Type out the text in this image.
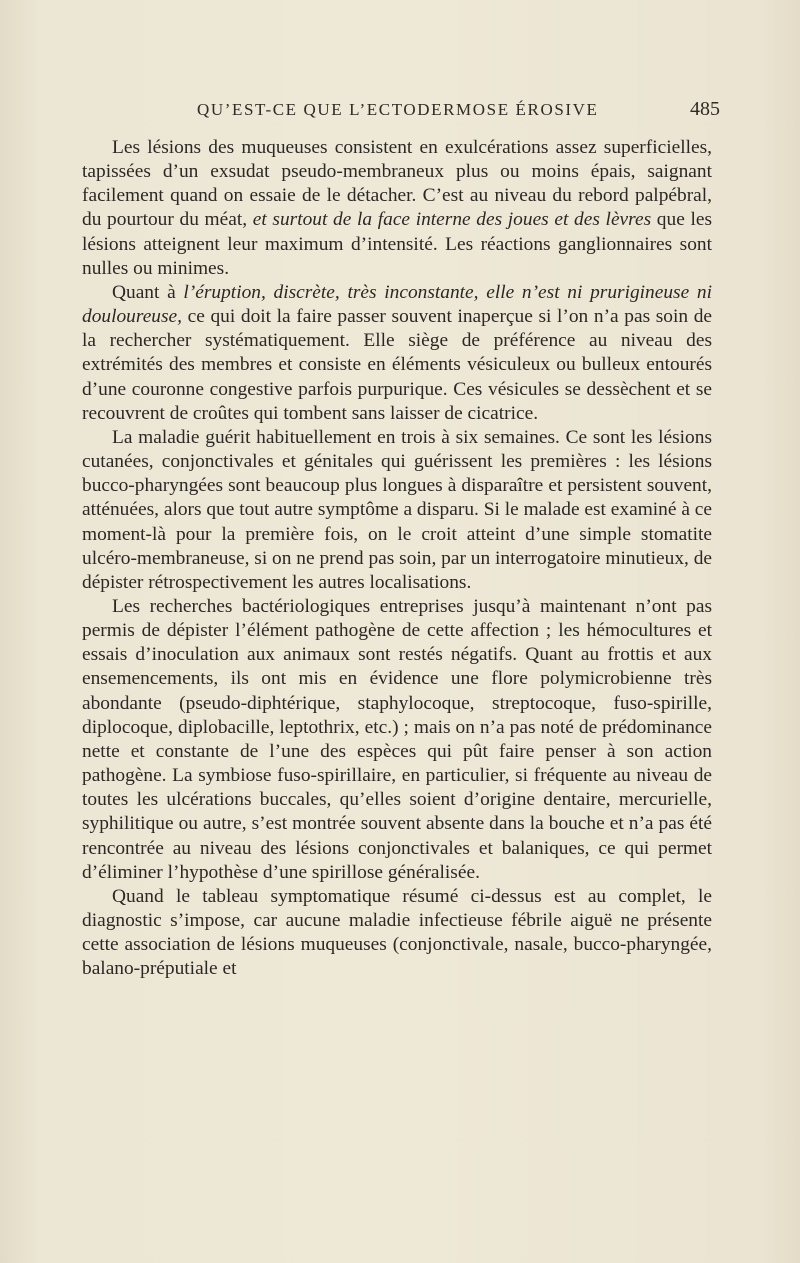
QU’EST-CE QUE L’ECTODERMOSE ÉROSIVE	485

Les lésions des muqueuses consistent en exulcérations assez superficielles, tapissées d’un exsudat pseudo-membraneux plus ou moins épais, saignant facilement quand on essaie de le détacher. C’est au niveau du rebord palpébral, du pourtour du méat, et surtout de la face interne des joues et des lèvres que les lésions atteignent leur maximum d’intensité. Les réactions ganglionnaires sont nulles ou minimes.

Quant à l’éruption, discrète, très inconstante, elle n’est ni prurigineuse ni douloureuse, ce qui doit la faire passer souvent inaperçue si l’on n’a pas soin de la rechercher systématiquement. Elle siège de préférence au niveau des extrémités des membres et consiste en éléments vésiculeux ou bulleux entourés d’une couronne congestive parfois purpurique. Ces vésicules se dessèchent et se recouvrent de croûtes qui tombent sans laisser de cicatrice.

La maladie guérit habituellement en trois à six semaines. Ce sont les lésions cutanées, conjonctivales et génitales qui guérissent les premières : les lésions bucco-pharyngées sont beaucoup plus longues à disparaître et persistent souvent, atténuées, alors que tout autre symptôme a disparu. Si le malade est examiné à ce moment-là pour la première fois, on le croit atteint d’une simple stomatite ulcéro-membraneuse, si on ne prend pas soin, par un interrogatoire minutieux, de dépister rétrospectivement les autres localisations.

Les recherches bactériologiques entreprises jusqu’à maintenant n’ont pas permis de dépister l’élément pathogène de cette affection ; les hémocultures et essais d’inoculation aux animaux sont restés négatifs. Quant au frottis et aux ensemencements, ils ont mis en évidence une flore polymicrobienne très abondante (pseudo-diphtérique, staphylocoque, streptocoque, fuso-spirille, diplocoque, diplobacille, leptothrix, etc.) ; mais on n’a pas noté de prédominance nette et constante de l’une des espèces qui pût faire penser à son action pathogène. La symbiose fuso-spirillaire, en particulier, si fréquente au niveau de toutes les ulcérations buccales, qu’elles soient d’origine dentaire, mercurielle, syphilitique ou autre, s’est montrée souvent absente dans la bouche et n’a pas été rencontrée au niveau des lésions conjonctivales et balaniques, ce qui permet d’éliminer l’hypothèse d’une spirillose généralisée.

Quand le tableau symptomatique résumé ci-dessus est au complet, le diagnostic s’impose, car aucune maladie infectieuse fébrile aiguë ne présente cette association de lésions muqueuses (conjonctivale, nasale, bucco-pharyngée, balano-préputiale et
